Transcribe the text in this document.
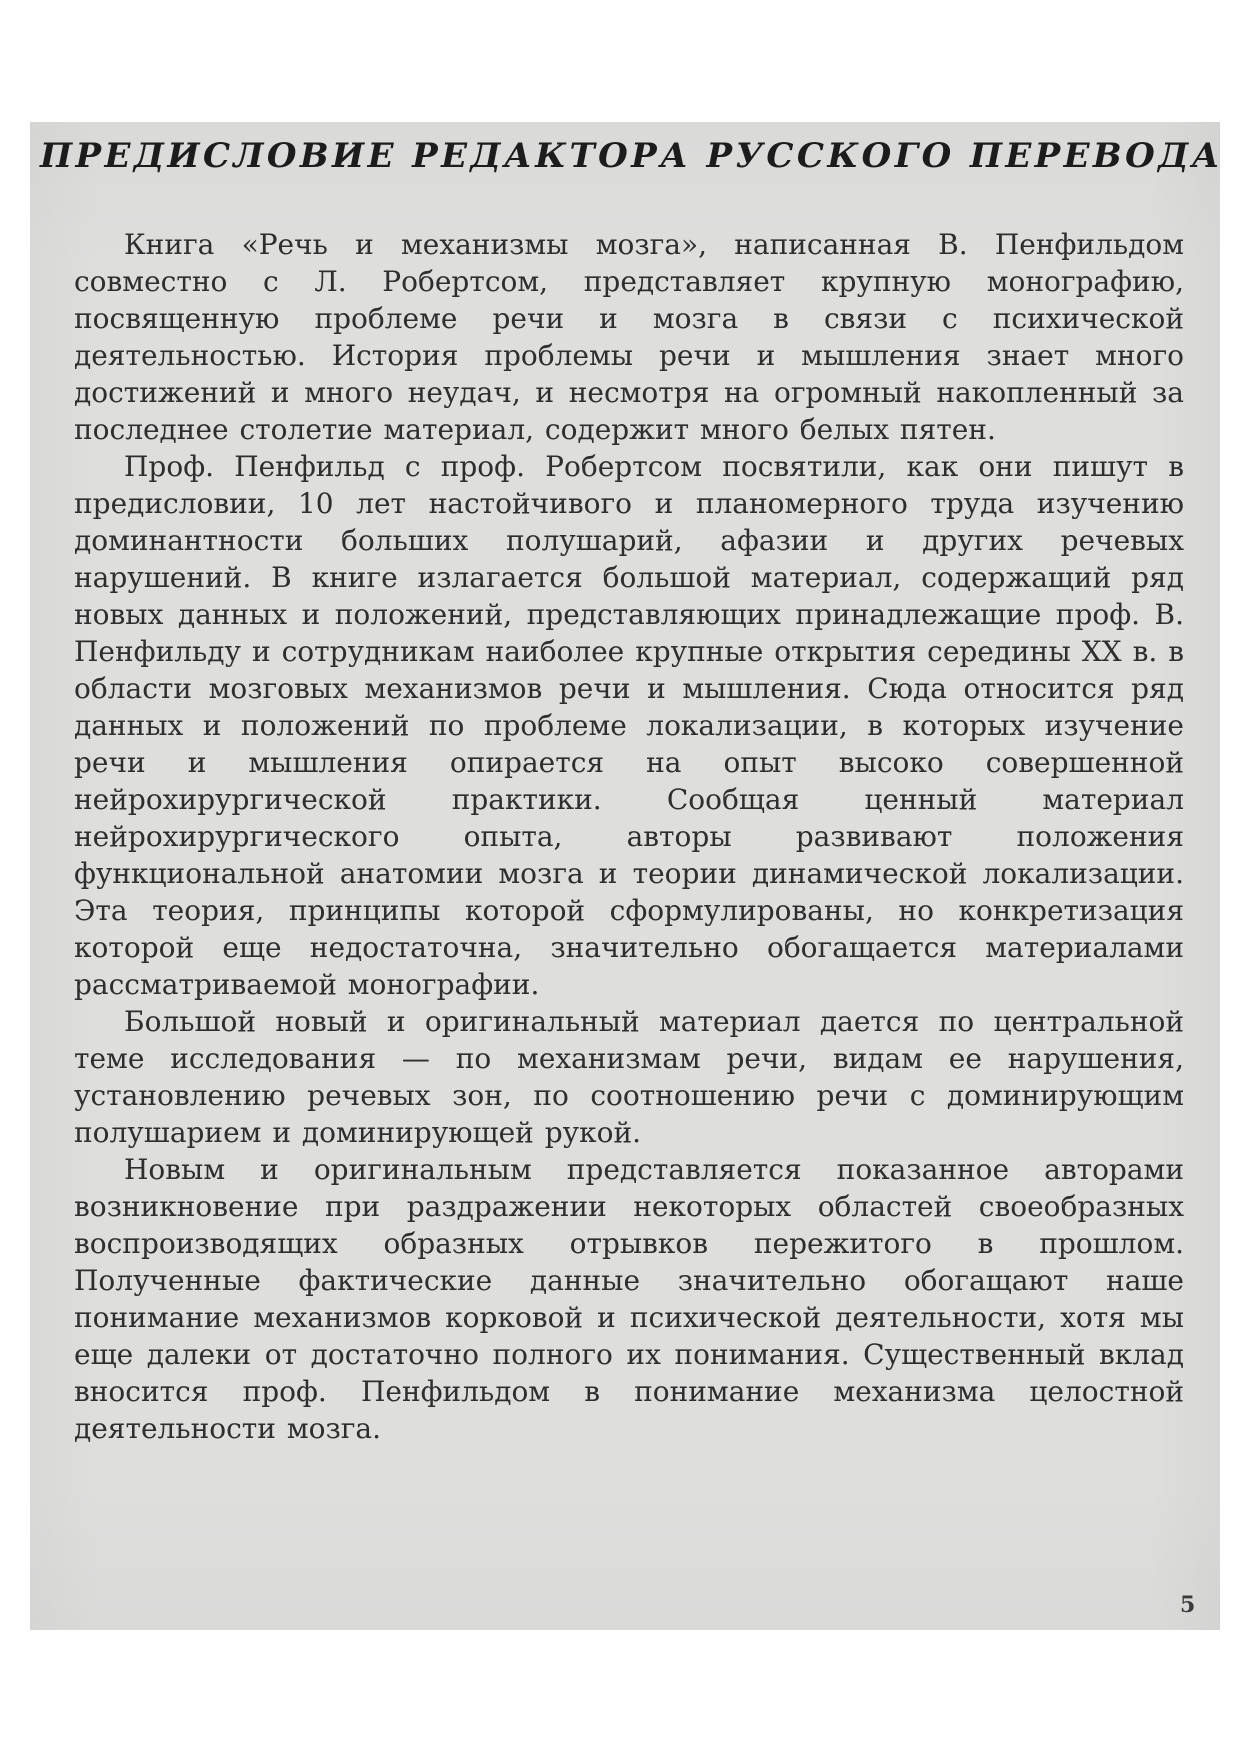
ПРЕДИСЛОВИЕ РЕДАКТОРА РУССКОГО ПЕРЕВОДА

Книга «Речь и механизмы мозга», написанная В. Пенфильдом совместно с Л. Робертсом, представляет крупную монографию, посвященную проблеме речи и мозга в связи с психической деятельностью. История проблемы речи и мышления знает много достижений и много неудач, и несмотря на огромный накопленный за последнее столетие материал, содержит много белых пятен.

Проф. Пенфильд с проф. Робертсом посвятили, как они пишут в предисловии, 10 лет настойчивого и планомерного труда изучению доминантности больших полушарий, афазии и других речевых нарушений. В книге излагается большой материал, содержащий ряд новых данных и положений, представляющих принадлежащие проф. В. Пенфильду и сотрудникам наиболее крупные открытия середины XX в. в области мозговых механизмов речи и мышления. Сюда относится ряд данных и положений по проблеме локализации, в которых изучение речи и мышления опирается на опыт высоко совершенной нейрохирургической практики. Сообщая ценный материал нейрохирургического опыта, авторы развивают положения функциональной анатомии мозга и теории динамической локализации. Эта теория, принципы которой сформулированы, но конкретизация которой еще недостаточна, значительно обогащается материалами рассматриваемой монографии.

Большой новый и оригинальный материал дается по центральной теме исследования — по механизмам речи, видам ее нарушения, установлению речевых зон, по соотношению речи с доминирующим полушарием и доминирующей рукой.

Новым и оригинальным представляется показанное авторами возникновение при раздражении некоторых областей своеобразных воспроизводящих образных отрывков пережитого в прошлом. Полученные фактические данные значительно обогащают наше понимание механизмов корковой и психической деятельности, хотя мы еще далеки от достаточно полного их понимания. Существенный вклад вносится проф. Пенфильдом в понимание механизма целостной деятельности мозга.

5
